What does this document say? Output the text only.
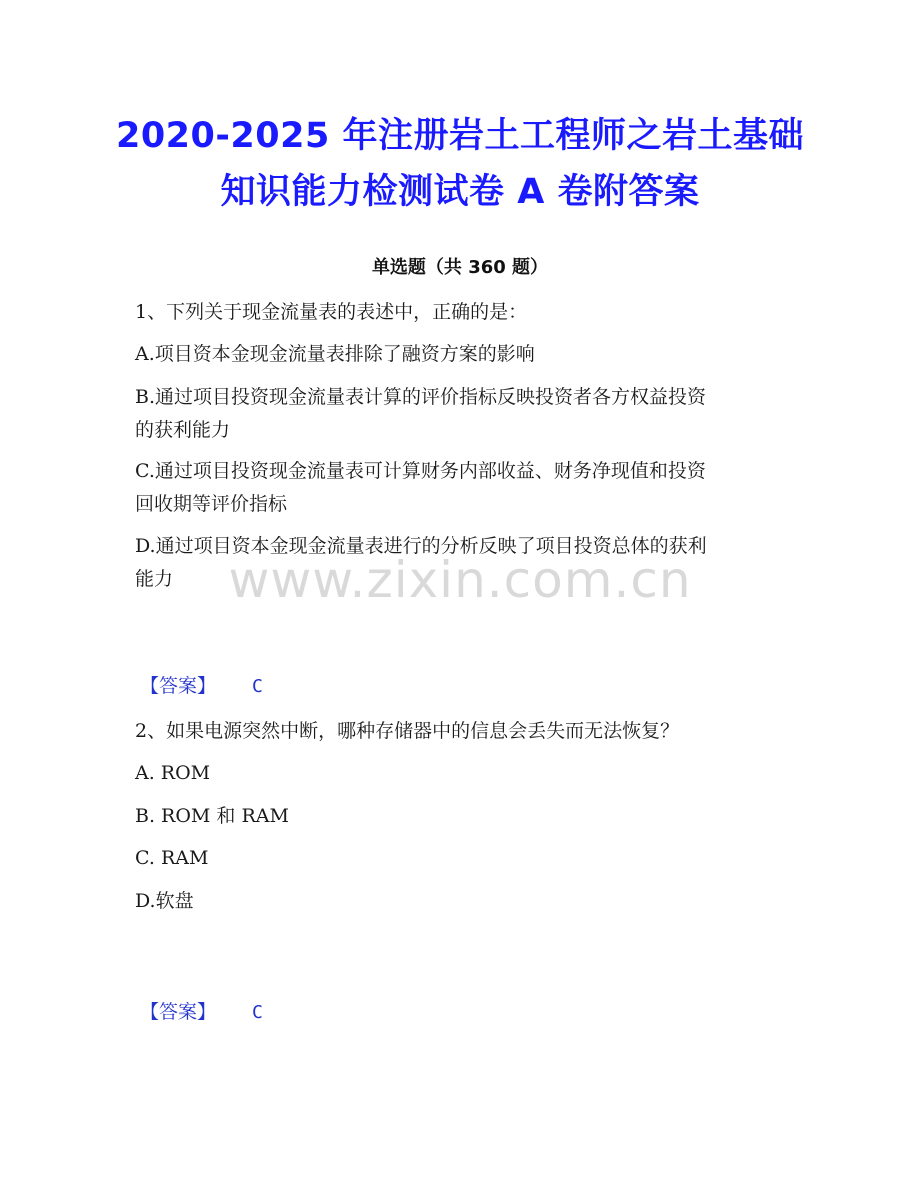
2020-2025 年注册岩土工程师之岩土基础
知识能力检测试卷 A 卷附答案
单选题（共 360 题）
1、下列关于现金流量表的表述中，正确的是：
A.项目资本金现金流量表排除了融资方案的影响
B.通过项目投资现金流量表计算的评价指标反映投资者各方权益投资
的获利能力
C.通过项目投资现金流量表可计算财务内部收益、财务净现值和投资
回收期等评价指标
D.通过项目资本金现金流量表进行的分析反映了项目投资总体的获利
能力
【答案】 C
2、如果电源突然中断，哪种存储器中的信息会丢失而无法恢复？
A. ROM
B. ROM 和 RAM
C. RAM
D.软盘
【答案】 C
www.zixin.com.cn
